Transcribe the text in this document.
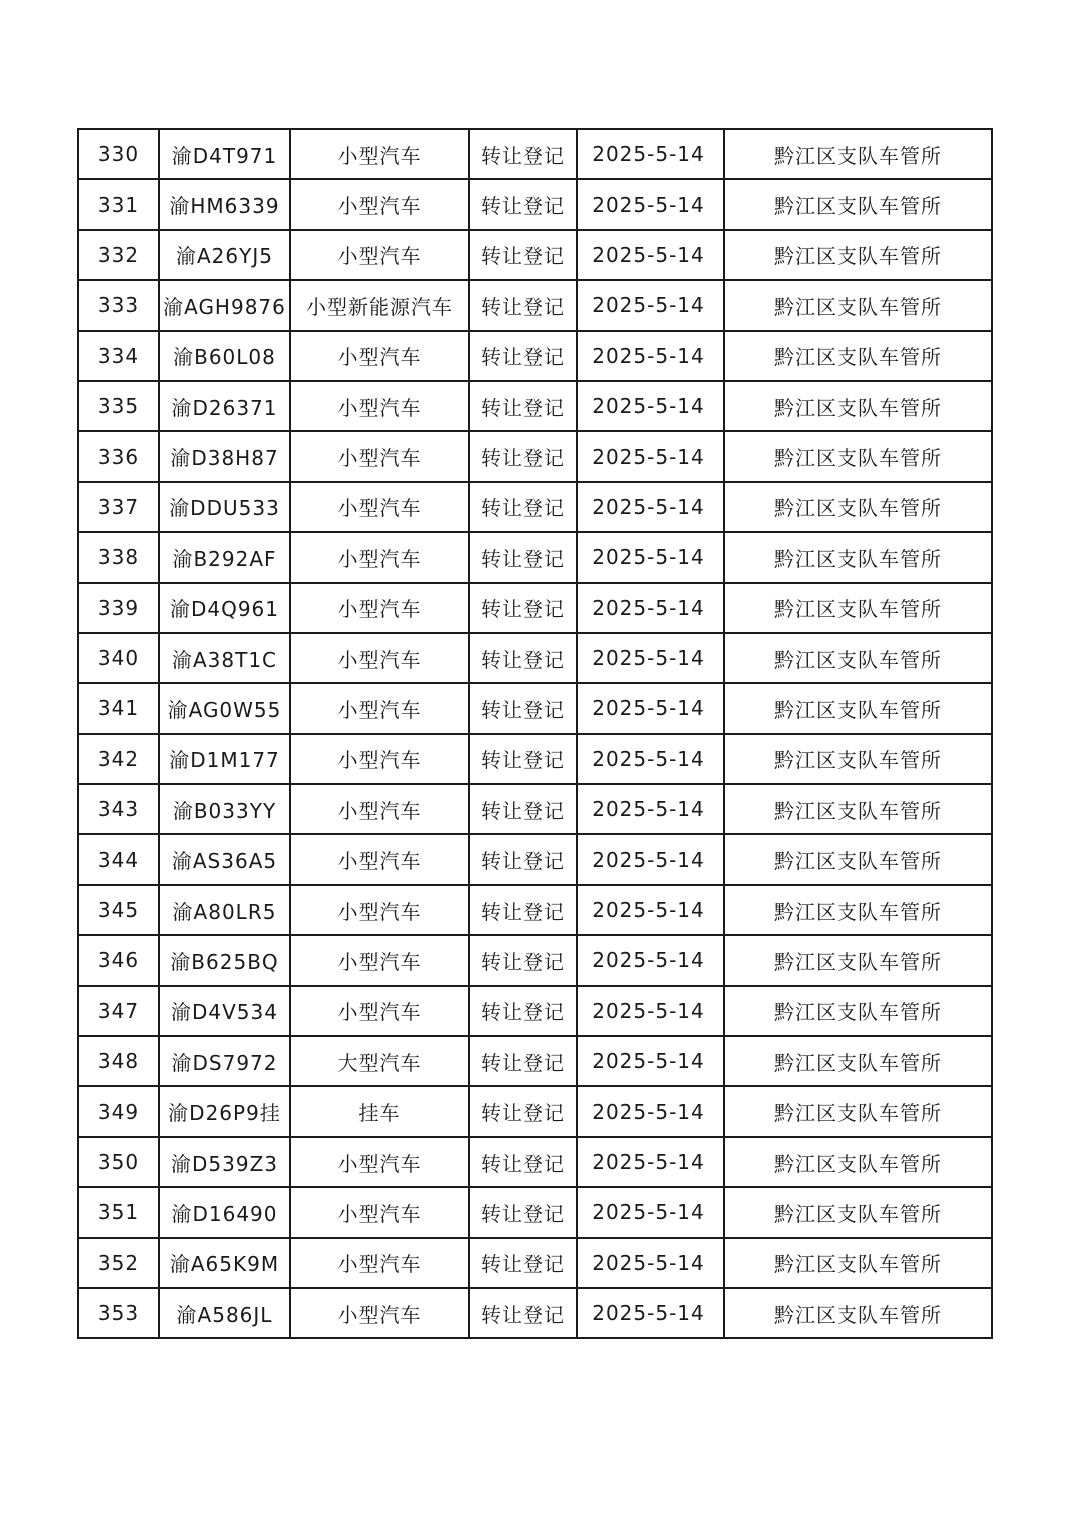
330	渝D4T971	小型汽车	转让登记	2025-5-14	黔江区支队车管所
331	渝HM6339	小型汽车	转让登记	2025-5-14	黔江区支队车管所
332	渝A26YJ5	小型汽车	转让登记	2025-5-14	黔江区支队车管所
333	渝AGH9876	小型新能源汽车	转让登记	2025-5-14	黔江区支队车管所
334	渝B60L08	小型汽车	转让登记	2025-5-14	黔江区支队车管所
335	渝D26371	小型汽车	转让登记	2025-5-14	黔江区支队车管所
336	渝D38H87	小型汽车	转让登记	2025-5-14	黔江区支队车管所
337	渝DDU533	小型汽车	转让登记	2025-5-14	黔江区支队车管所
338	渝B292AF	小型汽车	转让登记	2025-5-14	黔江区支队车管所
339	渝D4Q961	小型汽车	转让登记	2025-5-14	黔江区支队车管所
340	渝A38T1C	小型汽车	转让登记	2025-5-14	黔江区支队车管所
341	渝AG0W55	小型汽车	转让登记	2025-5-14	黔江区支队车管所
342	渝D1M177	小型汽车	转让登记	2025-5-14	黔江区支队车管所
343	渝B033YY	小型汽车	转让登记	2025-5-14	黔江区支队车管所
344	渝AS36A5	小型汽车	转让登记	2025-5-14	黔江区支队车管所
345	渝A80LR5	小型汽车	转让登记	2025-5-14	黔江区支队车管所
346	渝B625BQ	小型汽车	转让登记	2025-5-14	黔江区支队车管所
347	渝D4V534	小型汽车	转让登记	2025-5-14	黔江区支队车管所
348	渝DS7972	大型汽车	转让登记	2025-5-14	黔江区支队车管所
349	渝D26P9挂	挂车	转让登记	2025-5-14	黔江区支队车管所
350	渝D539Z3	小型汽车	转让登记	2025-5-14	黔江区支队车管所
351	渝D16490	小型汽车	转让登记	2025-5-14	黔江区支队车管所
352	渝A65K9M	小型汽车	转让登记	2025-5-14	黔江区支队车管所
353	渝A586JL	小型汽车	转让登记	2025-5-14	黔江区支队车管所
